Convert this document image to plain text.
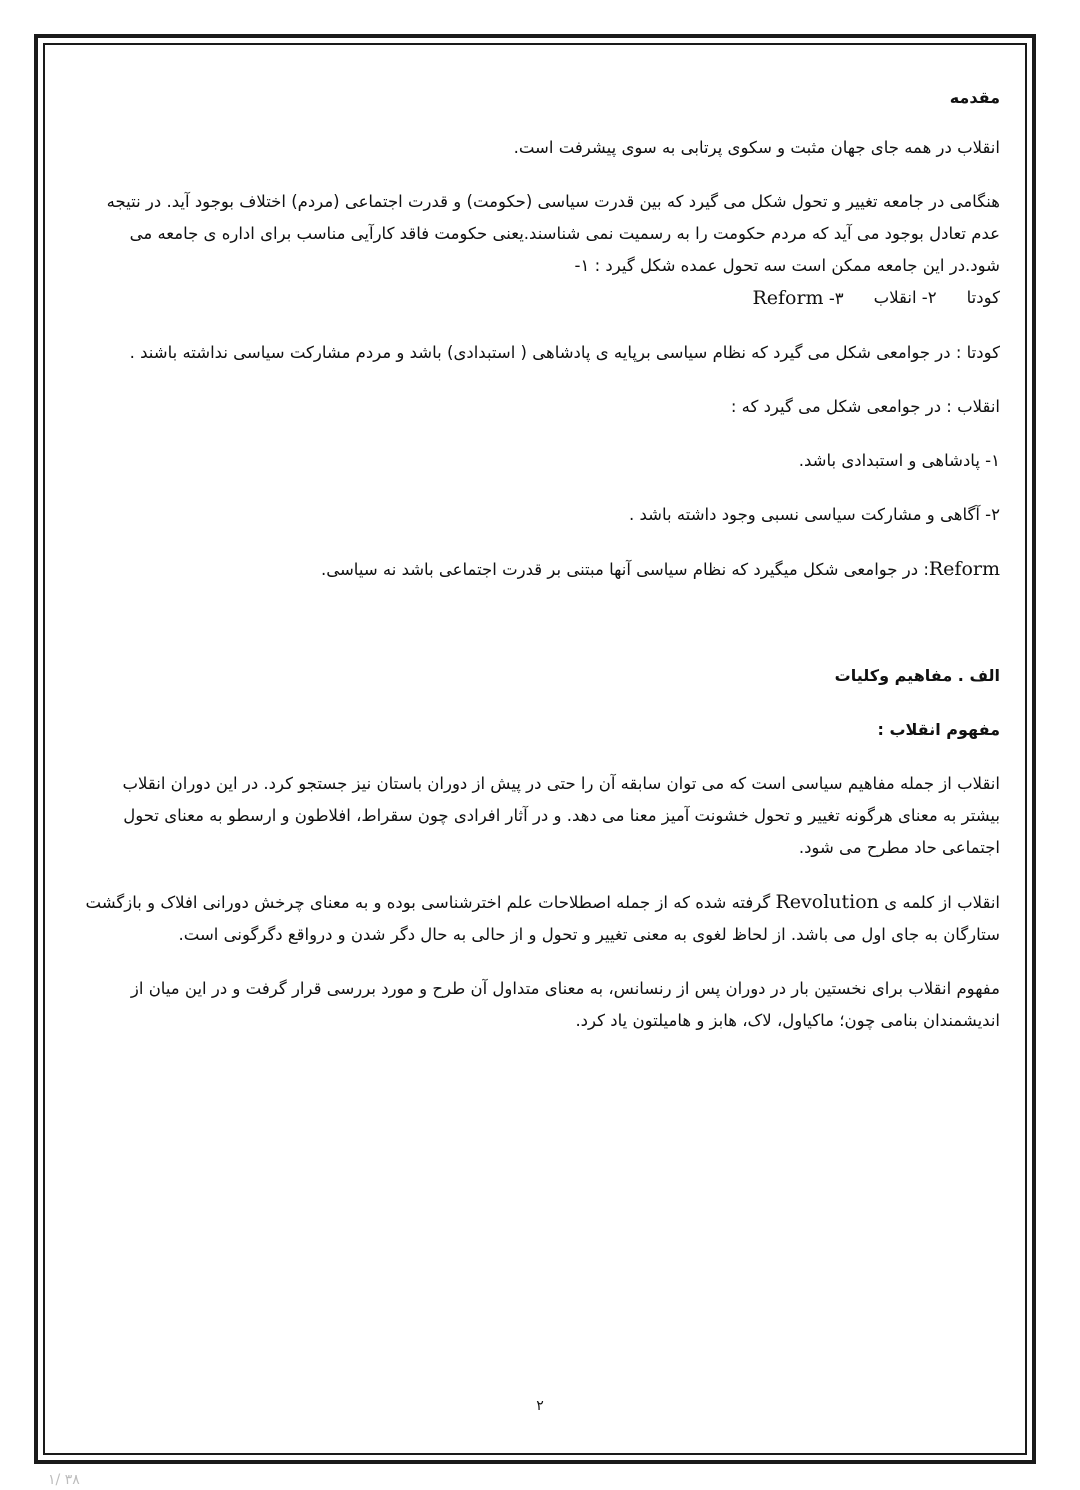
مقدمه

انقلاب در همه جای جهان مثبت و سکوی پرتابی به سوی پیشرفت است.

هنگامی در جامعه تغییر و تحول شکل می گیرد که بین قدرت سیاسی (حکومت) و قدرت اجتماعی (مردم) اختلاف بوجود آید. در نتیجه عدم تعادل بوجود می آید که مردم حکومت را به رسمیت نمی شناسند.یعنی حکومت فاقد کارآیی مناسب برای اداره ی جامعه می شود.در این جامعه ممکن است سه تحول عمده شکل گیرد : ۱-

کودتا
۲- انقلاب
۳- Reform

کودتا : در جوامعی شکل می گیرد که نظام سیاسی برپایه ی پادشاهی ( استبدادی) باشد و مردم مشارکت سیاسی نداشته باشند .

انقلاب : در جوامعی شکل می گیرد که :

۱- پادشاهی و استبدادی باشد.

۲- آگاهی و مشارکت سیاسی نسبی وجود داشته باشد .

Reform: در جوامعی شکل میگیرد که نظام سیاسی آنها مبتنی بر قدرت اجتماعی باشد نه سیاسی.

الف . مفاهیم وکلیات

مفهوم انقلاب :

انقلاب از جمله مفاهیم سیاسی است که می توان سابقه آن را حتی در پیش از دوران باستان نیز جستجو کرد. در این دوران انقلاب بیشتر به معنای هرگونه تغییر و تحول خشونت آمیز معنا می دهد. و در آثار افرادی چون سقراط، افلاطون و ارسطو به معنای تحول اجتماعی حاد مطرح می شود.

انقلاب از کلمه ی Revolution گرفته شده که از جمله اصطلاحات علم اخترشناسی بوده و به معنای چرخش دورانی افلاک و بازگشت ستارگان به جای اول می باشد. از لحاظ لغوی به معنی تغییر و تحول و از حالی به حال دگر شدن و درواقع دگرگونی است.

مفهوم انقلاب برای نخستین بار در دوران پس از رنسانس، به معنای متداول آن طرح و مورد بررسی قرار گرفت و در این میان از اندیشمندان بنامی چون؛ ماکیاول، لاک، هابز و هامیلتون یاد کرد.

۲
۳۸ /۱
